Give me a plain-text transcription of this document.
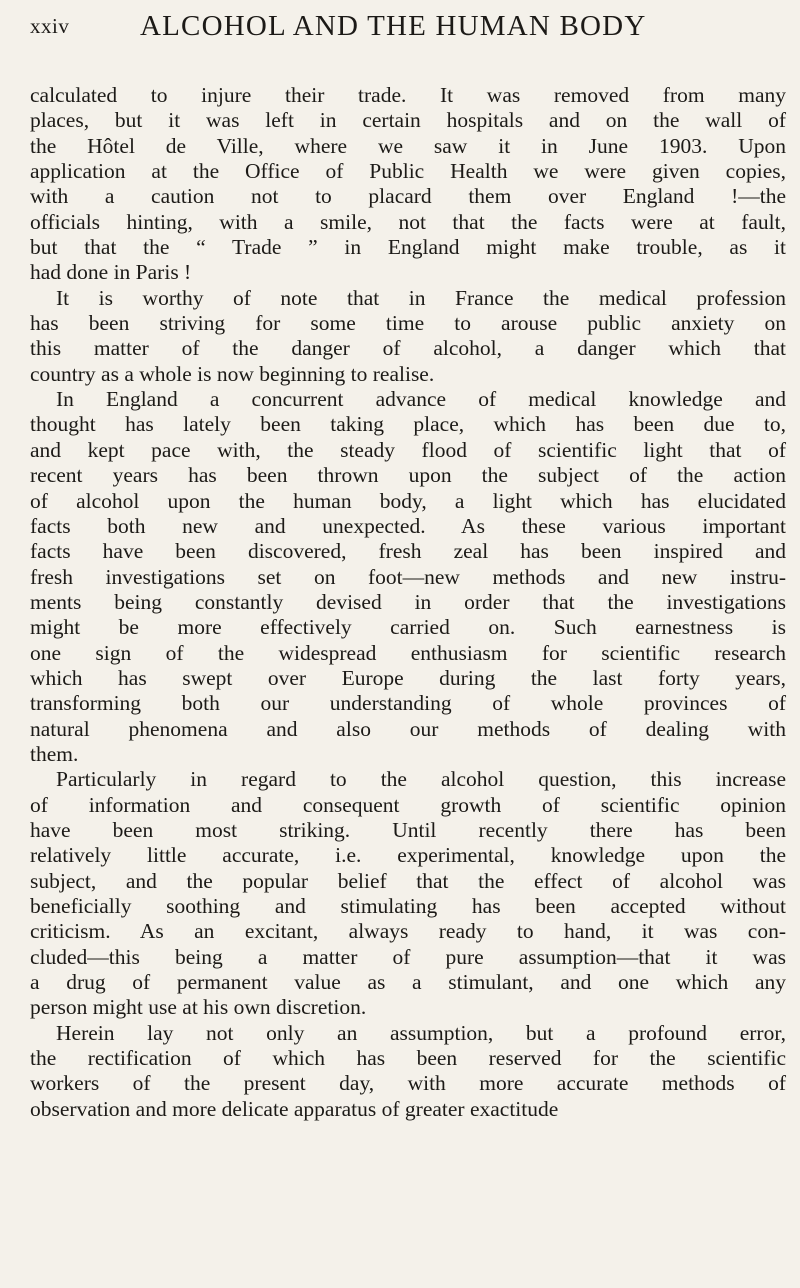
xxiv ALCOHOL AND THE HUMAN BODY
calculated to injure their trade. It was removed from many
places, but it was left in certain hospitals and on the wall of
the Hôtel de Ville, where we saw it in June 1903. Upon
application at the Office of Public Health we were given copies,
with a caution not to placard them over England !—the
officials hinting, with a smile, not that the facts were at fault,
but that the “ Trade ” in England might make trouble, as it
had done in Paris !
It is worthy of note that in France the medical profession
has been striving for some time to arouse public anxiety on
this matter of the danger of alcohol, a danger which that
country as a whole is now beginning to realise.
In England a concurrent advance of medical knowledge and
thought has lately been taking place, which has been due to,
and kept pace with, the steady flood of scientific light that of
recent years has been thrown upon the subject of the action
of alcohol upon the human body, a light which has elucidated
facts both new and unexpected. As these various important
facts have been discovered, fresh zeal has been inspired and
fresh investigations set on foot—new methods and new instru-
ments being constantly devised in order that the investigations
might be more effectively carried on. Such earnestness is
one sign of the widespread enthusiasm for scientific research
which has swept over Europe during the last forty years,
transforming both our understanding of whole provinces of
natural phenomena and also our methods of dealing with
them.
Particularly in regard to the alcohol question, this increase
of information and consequent growth of scientific opinion
have been most striking. Until recently there has been
relatively little accurate, i.e. experimental, knowledge upon the
subject, and the popular belief that the effect of alcohol was
beneficially soothing and stimulating has been accepted without
criticism. As an excitant, always ready to hand, it was con-
cluded—this being a matter of pure assumption—that it was
a drug of permanent value as a stimulant, and one which any
person might use at his own discretion.
Herein lay not only an assumption, but a profound error,
the rectification of which has been reserved for the scientific
workers of the present day, with more accurate methods of
observation and more delicate apparatus of greater exactitude
